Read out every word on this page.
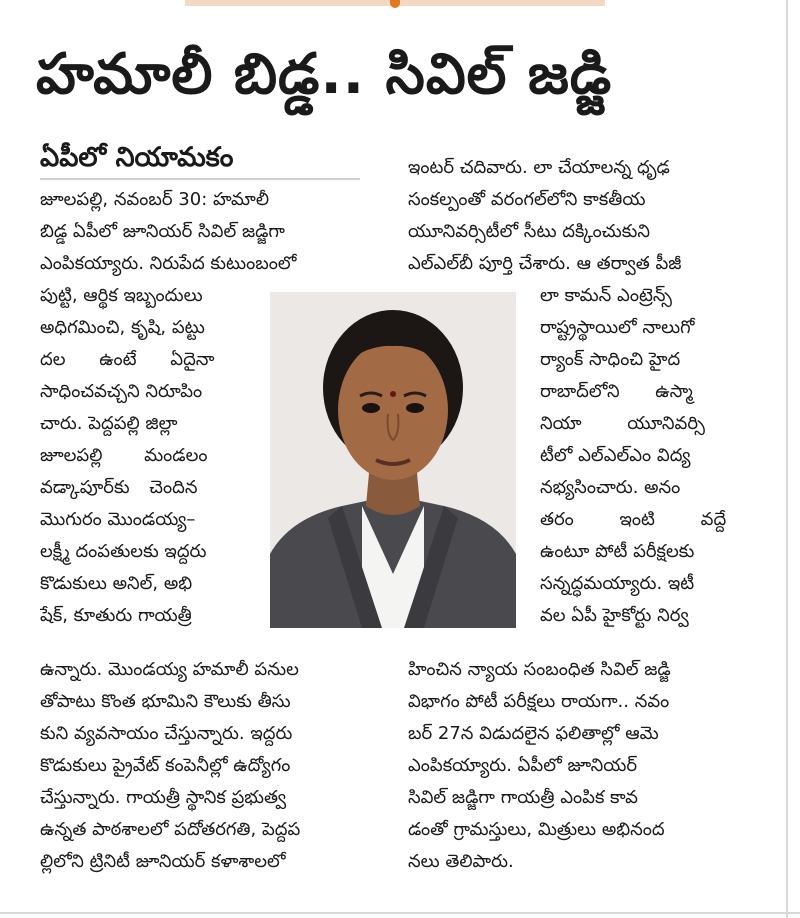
హమాలీ బిడ్డ.. సివిల్ జడ్జి
ఏపీలో నియామకం
జూలపల్లి, నవంబర్ 30: హమాలీ
బిడ్డ ఏపీలో జూనియర్ సివిల్ జడ్జిగా
ఎంపికయ్యారు. నిరుపేద కుటుంబంలో
పుట్టి, ఆర్థిక ఇబ్బందులు
అధిగమించి, కృషి, పట్టు
దల ఉంటే ఏదైనా
సాధించవచ్చని నిరూపిం
చారు. పెద్దపల్లి జిల్లా
జూలపల్లి మండలం
వడ్కాపూర్‌కు చెందిన
మొగురం మొండయ్య–
లక్ష్మీ దంపతులకు ఇద్దరు
కొడుకులు అనిల్, అభి
షేక్, కూతురు గాయత్రీ
ఉన్నారు. మొండయ్య హమాలీ పనుల
తోపాటు కొంత భూమిని కౌలుకు తీసు
కుని వ్యవసాయం చేస్తున్నారు. ఇద్దరు
కొడుకులు ప్రైవేట్ కంపెనీల్లో ఉద్యోగం
చేస్తున్నారు. గాయత్రీ స్థానిక ప్రభుత్వ
ఉన్నత పాఠశాలలో పదోతరగతి, పెద్దప
ల్లిలోని ట్రినిటీ జూనియర్ కళాశాలలో
ఇంటర్ చదివారు. లా చేయాలన్న ధృఢ
సంకల్పంతో వరంగల్‌లోని కాకతీయ
యూనివర్సిటీలో సీటు దక్కించుకుని
ఎల్ఎల్‌బీ పూర్తి చేశారు. ఆ తర్వాత పీజీ
లా కామన్ ఎంట్రెన్స్
రాష్ట్రస్థాయిలో నాలుగో
ర్యాంక్ సాధించి హైద
రాబాద్‌లోని ఉస్మా
నియా యూనివర్సి
టీలో ఎల్ఎల్ఎం విద్య
నభ్యసించారు. అనం
తరం ఇంటి వద్దే
ఉంటూ పోటీ పరీక్షలకు
సన్నద్ధమయ్యారు. ఇటీ
వల ఏపీ హైకోర్టు నిర్వ
హించిన న్యాయ సంబంధిత సివిల్ జడ్జి
విభాగం పోటీ పరీక్షలు రాయగా.. నవం
బర్ 27న విడుదలైన ఫలితాల్లో ఆమె
ఎంపికయ్యారు. ఏపీలో జూనియర్
సివిల్ జడ్జిగా గాయత్రీ ఎంపిక కావ
డంతో గ్రామస్తులు, మిత్రులు అభినంద
నలు తెలిపారు.
